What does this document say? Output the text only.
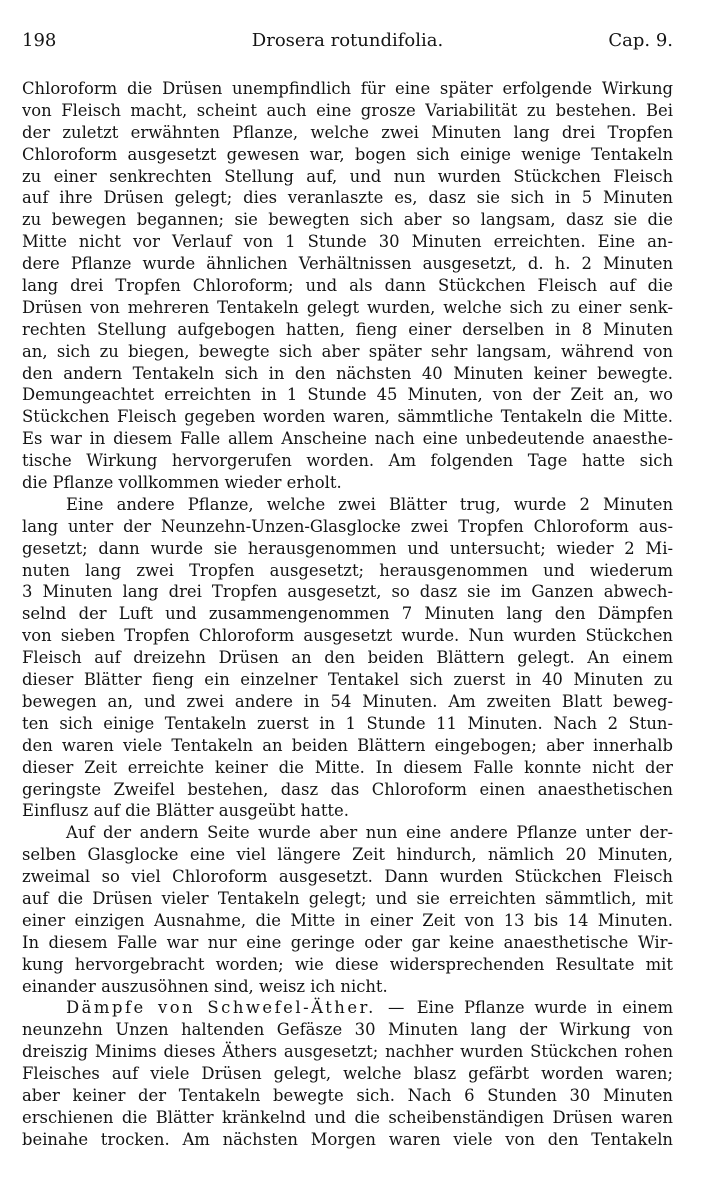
198	Drosera rotundifolia.	Cap. 9.
Chloroform die Drüsen unempfindlich für eine später erfolgende Wirkung
von Fleisch macht, scheint auch eine grosze Variabilität zu bestehen. Bei
der zuletzt erwähnten Pflanze, welche zwei Minuten lang drei Tropfen
Chloroform ausgesetzt gewesen war, bogen sich einige wenige Tentakeln
zu einer senkrechten Stellung auf, und nun wurden Stückchen Fleisch
auf ihre Drüsen gelegt; dies veranlaszte es, dasz sie sich in 5 Minuten
zu bewegen begannen; sie bewegten sich aber so langsam, dasz sie die
Mitte nicht vor Verlauf von 1 Stunde 30 Minuten erreichten. Eine an-
dere Pflanze wurde ähnlichen Verhältnissen ausgesetzt, d. h. 2 Minuten
lang drei Tropfen Chloroform; und als dann Stückchen Fleisch auf die
Drüsen von mehreren Tentakeln gelegt wurden, welche sich zu einer senk-
rechten Stellung aufgebogen hatten, fieng einer derselben in 8 Minuten
an, sich zu biegen, bewegte sich aber später sehr langsam, während von
den andern Tentakeln sich in den nächsten 40 Minuten keiner bewegte.
Demungeachtet erreichten in 1 Stunde 45 Minuten, von der Zeit an, wo
Stückchen Fleisch gegeben worden waren, sämmtliche Tentakeln die Mitte.
Es war in diesem Falle allem Anscheine nach eine unbedeutende anaesthe-
tische Wirkung hervorgerufen worden. Am folgenden Tage hatte sich
die Pflanze vollkommen wieder erholt.
Eine andere Pflanze, welche zwei Blätter trug, wurde 2 Minuten
lang unter der Neunzehn-Unzen-Glasglocke zwei Tropfen Chloroform aus-
gesetzt; dann wurde sie herausgenommen und untersucht; wieder 2 Mi-
nuten lang zwei Tropfen ausgesetzt; herausgenommen und wiederum
3 Minuten lang drei Tropfen ausgesetzt, so dasz sie im Ganzen abwech-
selnd der Luft und zusammengenommen 7 Minuten lang den Dämpfen
von sieben Tropfen Chloroform ausgesetzt wurde. Nun wurden Stückchen
Fleisch auf dreizehn Drüsen an den beiden Blättern gelegt. An einem
dieser Blätter fieng ein einzelner Tentakel sich zuerst in 40 Minuten zu
bewegen an, und zwei andere in 54 Minuten. Am zweiten Blatt beweg-
ten sich einige Tentakeln zuerst in 1 Stunde 11 Minuten. Nach 2 Stun-
den waren viele Tentakeln an beiden Blättern eingebogen; aber innerhalb
dieser Zeit erreichte keiner die Mitte. In diesem Falle konnte nicht der
geringste Zweifel bestehen, dasz das Chloroform einen anaesthetischen
Einflusz auf die Blätter ausgeübt hatte.
Auf der andern Seite wurde aber nun eine andere Pflanze unter der-
selben Glasglocke eine viel längere Zeit hindurch, nämlich 20 Minuten,
zweimal so viel Chloroform ausgesetzt. Dann wurden Stückchen Fleisch
auf die Drüsen vieler Tentakeln gelegt; und sie erreichten sämmtlich, mit
einer einzigen Ausnahme, die Mitte in einer Zeit von 13 bis 14 Minuten.
In diesem Falle war nur eine geringe oder gar keine anaesthetische Wir-
kung hervorgebracht worden; wie diese widersprechenden Resultate mit
einander auszusöhnen sind, weisz ich nicht.
Dämpfe von Schwefel-Äther. — Eine Pflanze wurde in einem
neunzehn Unzen haltenden Gefäsze 30 Minuten lang der Wirkung von
dreiszig Minims dieses Äthers ausgesetzt; nachher wurden Stückchen rohen
Fleisches auf viele Drüsen gelegt, welche blasz gefärbt worden waren;
aber keiner der Tentakeln bewegte sich. Nach 6 Stunden 30 Minuten
erschienen die Blätter kränkelnd und die scheibenständigen Drüsen waren
beinahe trocken. Am nächsten Morgen waren viele von den Tentakeln
